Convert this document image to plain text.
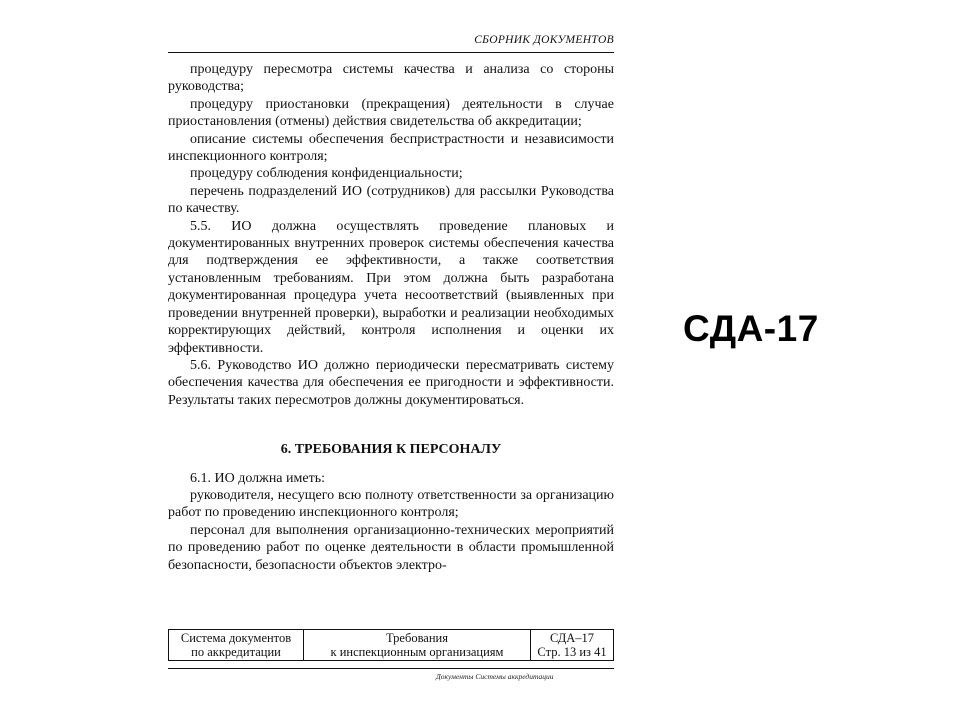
СБОРНИК ДОКУМЕНТОВ

процедуру пересмотра системы качества и анализа со стороны руководства;

процедуру приостановки (прекращения) деятельности в случае приостановления (отмены) действия свидетельства об аккредитации;

описание системы обеспечения беспристрастности и независимости инспекционного контроля;

процедуру соблюдения конфиденциальности;

перечень подразделений ИО (сотрудников) для рассылки Руководства по качеству.

5.5. ИО должна осуществлять проведение плановых и документированных внутренних проверок системы обеспечения качества для подтверждения ее эффективности, а также соответствия установленным требованиям. При этом должна быть разработана документированная процедура учета несоответствий (выявленных при проведении внутренней проверки), выработки и реализации необходимых корректирующих действий, контроля исполнения и оценки их эффективности.

5.6. Руководство ИО должно периодически пересматривать систему обеспечения качества для обеспечения ее пригодности и эффективности. Результаты таких пересмотров должны документироваться.

6. ТРЕБОВАНИЯ К ПЕРСОНАЛУ

6.1. ИО должна иметь:

руководителя, несущего всю полноту ответственности за организацию работ по проведению инспекционного контроля;

персонал для выполнения организационно-технических мероприятий по проведению работ по оценке деятельности в области промышленной безопасности, безопасности объектов электро-

Система документов
по аккредитации

Требования
к инспекционным организациям

СДА–17
Стр. 13 из 41
Документы Системы аккредитации
СДА-17
